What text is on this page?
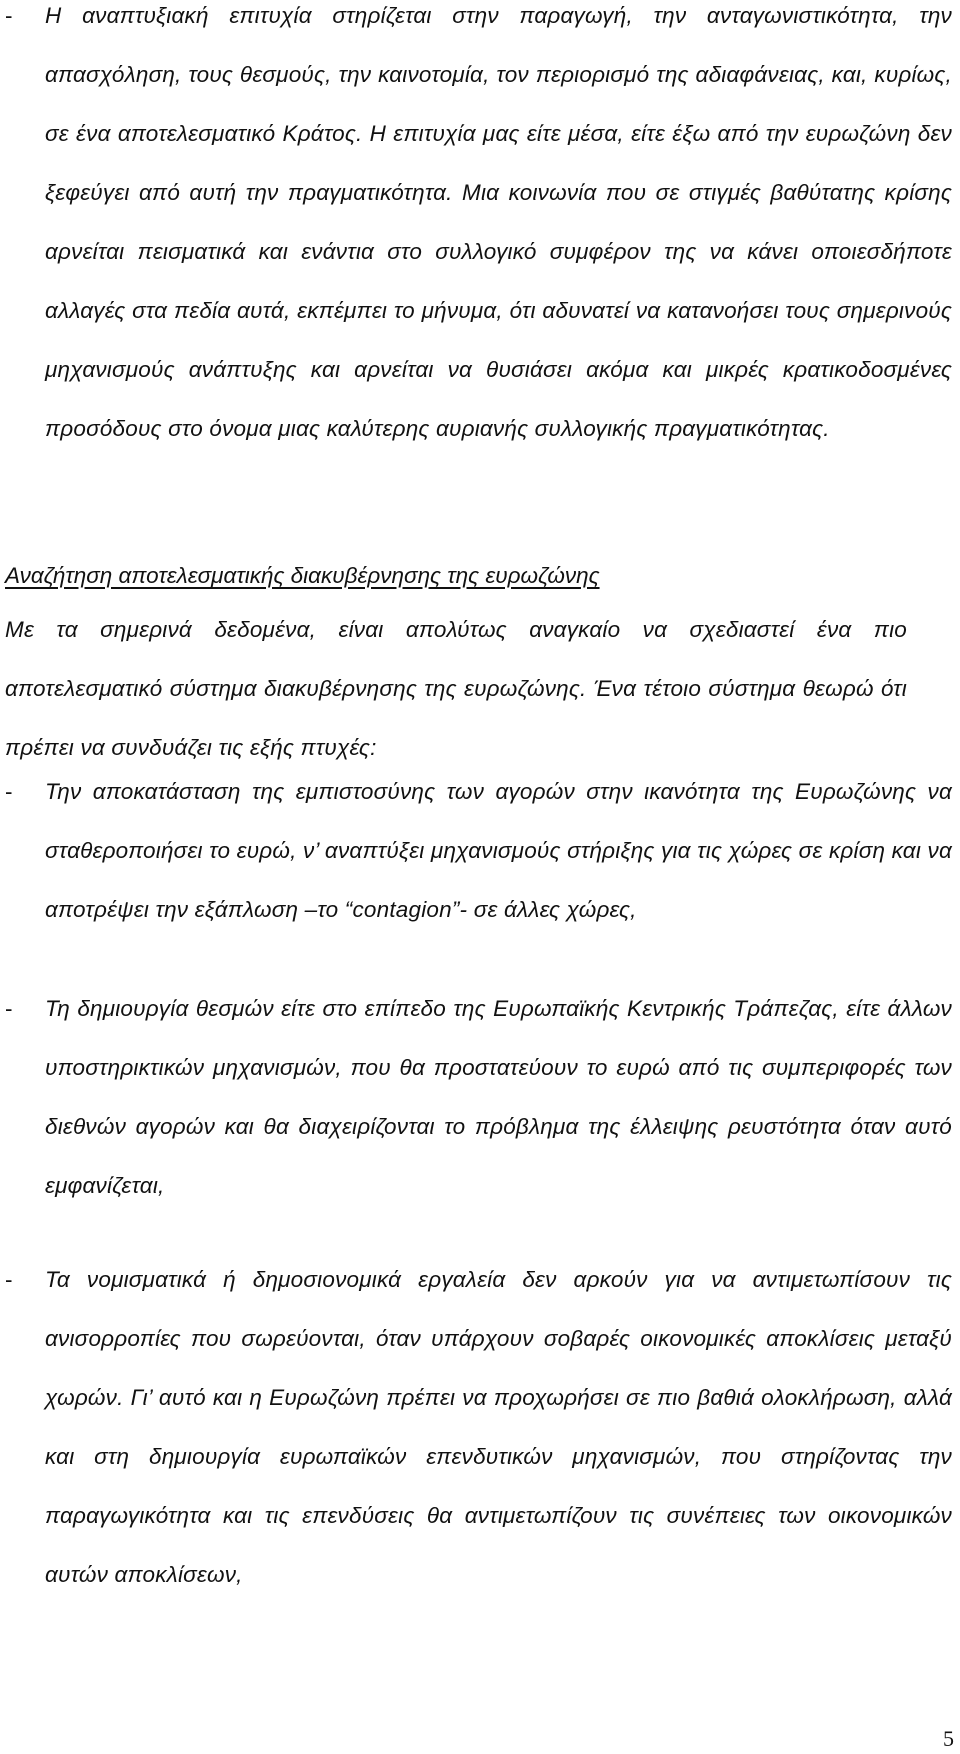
- Η αναπτυξιακή επιτυχία στηρίζεται στην παραγωγή, την ανταγωνιστικότητα, την απασχόληση, τους θεσμούς, την καινοτομία, τον περιορισμό της αδιαφάνειας, και, κυρίως, σε ένα αποτελεσματικό Κράτος. Η επιτυχία μας είτε μέσα, είτε έξω από την ευρωζώνη δεν ξεφεύγει από αυτή την πραγματικότητα. Μια κοινωνία που σε στιγμές βαθύτατης κρίσης αρνείται πεισματικά και ενάντια στο συλλογικό συμφέρον της να κάνει οποιεσδήποτε αλλαγές στα πεδία αυτά, εκπέμπει το μήνυμα, ότι αδυνατεί να κατανοήσει τους σημερινούς μηχανισμούς ανάπτυξης και αρνείται να θυσιάσει ακόμα και μικρές κρατικοδοσμένες προσόδους στο όνομα μιας καλύτερης αυριανής συλλογικής πραγματικότητας.
Αναζήτηση αποτελεσματικής διακυβέρνησης της ευρωζώνης
Με τα σημερινά δεδομένα, είναι απολύτως αναγκαίο να σχεδιαστεί ένα πιο αποτελεσματικό σύστημα διακυβέρνησης της ευρωζώνης. Ένα τέτοιο σύστημα θεωρώ ότι πρέπει να συνδυάζει τις εξής πτυχές:
- Την αποκατάσταση της εμπιστοσύνης των αγορών στην ικανότητα της Ευρωζώνης να σταθεροποιήσει το ευρώ, ν’ αναπτύξει μηχανισμούς στήριξης για τις χώρες σε κρίση και να αποτρέψει την εξάπλωση –το “contagion”- σε άλλες χώρες,
- Τη δημιουργία θεσμών είτε στο επίπεδο της Ευρωπαϊκής Κεντρικής Τράπεζας, είτε άλλων υποστηρικτικών μηχανισμών, που θα προστατεύουν το ευρώ από τις συμπεριφορές των διεθνών αγορών και θα διαχειρίζονται το πρόβλημα της έλλειψης ρευστότητα όταν αυτό εμφανίζεται,
- Τα νομισματικά ή δημοσιονομικά εργαλεία δεν αρκούν για να αντιμετωπίσουν τις ανισορροπίες που σωρεύονται, όταν υπάρχουν σοβαρές οικονομικές αποκλίσεις μεταξύ χωρών. Γι’ αυτό και η Ευρωζώνη πρέπει να προχωρήσει σε πιο βαθιά ολοκλήρωση, αλλά και στη δημιουργία ευρωπαϊκών επενδυτικών μηχανισμών, που στηρίζοντας την παραγωγικότητα και τις επενδύσεις θα αντιμετωπίζουν τις συνέπειες των οικονομικών αυτών αποκλίσεων,
5
